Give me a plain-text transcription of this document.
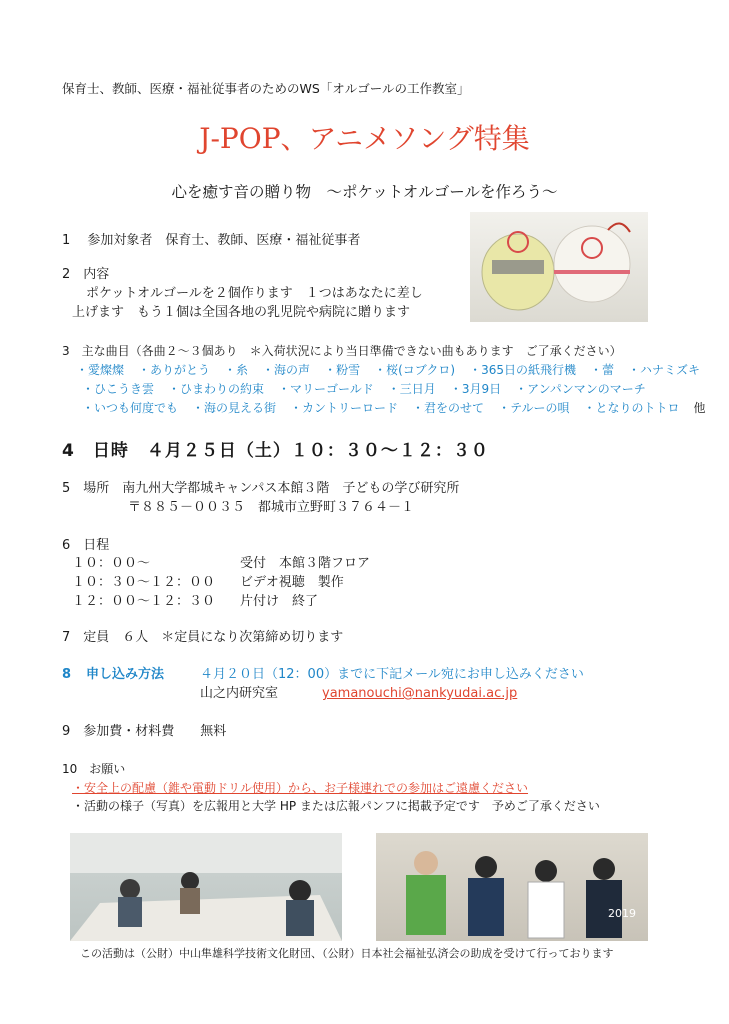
保育士、教師、医療・福祉従事者のためのWS「オルゴールの工作教室」
J-POP、アニメソング特集
心を癒す音の贈り物　～ポケットオルゴールを作ろう～
1　 参加対象者　保育士、教師、医療・福祉従事者
2　内容
ポケットオルゴールを２個作ります　１つはあなたに差し
上げます　もう１個は全国各地の乳児院や病院に贈ります
3　主な曲目（各曲２～３個あり　＊入荷状況により当日準備できない曲もあります　ご了承ください）
・愛燦燦 ・ありがとう ・糸 ・海の声 ・粉雪 ・桜(コブクロ) ・365日の紙飛行機 ・蕾 ・ハナミズキ
・ひこうき雲 ・ひまわりの約束 ・マリーゴールド ・三日月 ・3月9日 ・アンパンマンのマーチ
・いつも何度でも ・海の見える街 ・カントリーロード ・君をのせて ・テルーの唄 ・となりのトトロ 他
4　日時　４月２５日（土）１０：３０～１２：３０
5　場所　南九州大学都城キャンパス本館３階　子どもの学び研究所
〒８８５－００３５　都城市立野町３７６４－１
6　日程
１０：００～	受付　本館３階フロア
１０：３０～１２：００ ビデオ視聴　製作
１２：００～１２：３０ 片付け　終了
7　定員　６人　＊定員になり次第締め切ります
8 申し込み方法	４月２０日（12：00）までに下記メール宛にお申し込みください
山之内研究室	yamanouchi@nankyudai.ac.jp
9　参加費・材料費　　無料
10　お願い
・安全上の配慮（錐や電動ドリル使用）から、お子様連れでの参加はご遠慮ください
・活動の様子（写真）を広報用と大学 HP または広報パンフに掲載予定です　予めご了承ください
2019
この活動は（公財）中山隼雄科学技術文化財団、（公財）日本社会福祉弘済会の助成を受けて行っております
